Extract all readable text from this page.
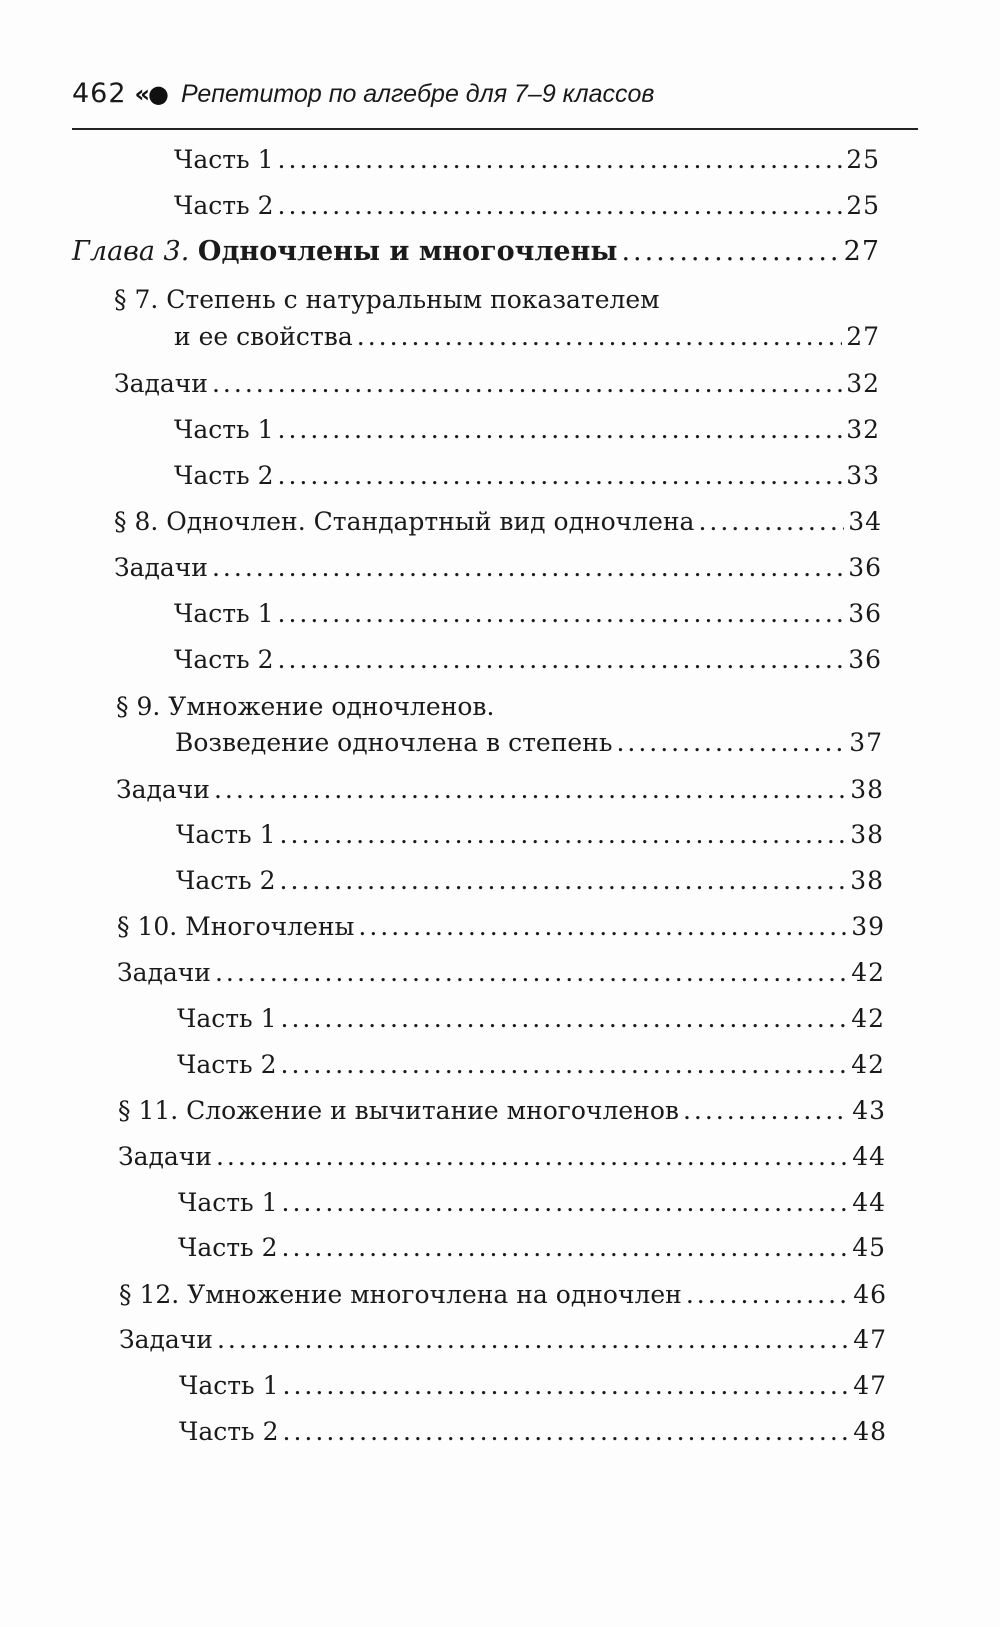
462 «● Репетитор по алгебре для 7–9 классов
Часть 1 .....	25
Часть 2 .....	25
Глава 3. Одночлены и многочлены .....	27
§ 7. Степень с натуральным показателем
и ее свойства .....	27
Задачи .....	32
Часть 1 .....	32
Часть 2 .....	33
§ 8. Одночлен. Стандартный вид одночлена .....	34
Задачи .....	36
Часть 1 .....	36
Часть 2 .....	36
§ 9. Умножение одночленов.
Возведение одночлена в степень .....	37
Задачи .....	38
Часть 1 .....	38
Часть 2 .....	38
§ 10. Многочлены .....	39
Задачи .....	42
Часть 1 .....	42
Часть 2 .....	42
§ 11. Сложение и вычитание многочленов .....	43
Задачи .....	44
Часть 1 .....	44
Часть 2 .....	45
§ 12. Умножение многочлена на одночлен .....	46
Задачи .....	47
Часть 1 .....	47
Часть 2 .....	48
